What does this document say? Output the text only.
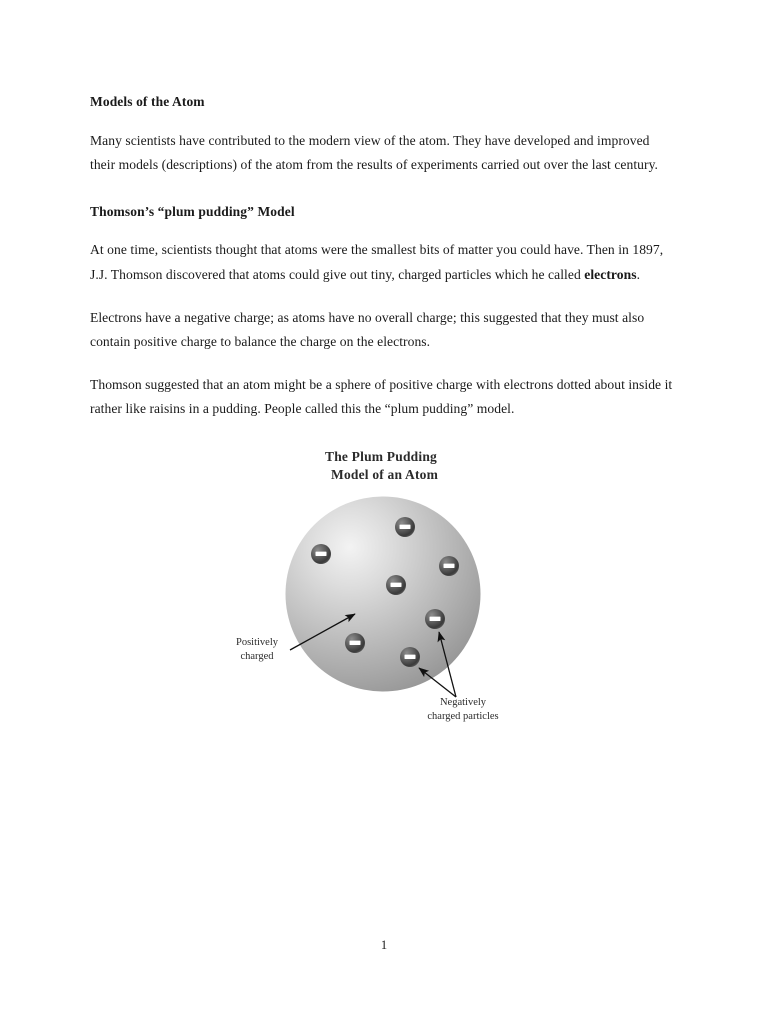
Models of the Atom

Many scientists have contributed to the modern view of the atom. They have developed and improved their models (descriptions) of the atom from the results of experiments carried out over the last century.

Thomson’s “plum pudding” Model

At one time, scientists thought that atoms were the smallest bits of matter you could have. Then in 1897, J.J. Thomson discovered that atoms could give out tiny, charged particles which he called electrons.

Electrons have a negative charge; as atoms have no overall charge; this suggested that they must also contain positive charge to balance the charge on the electrons.

Thomson suggested that an atom might be a sphere of positive charge with electrons dotted about inside it rather like raisins in a pudding. People called this the “plum pudding” model.

The Plum Pudding
Model of an Atom
Positively
charged
Negatively
charged particles
1
